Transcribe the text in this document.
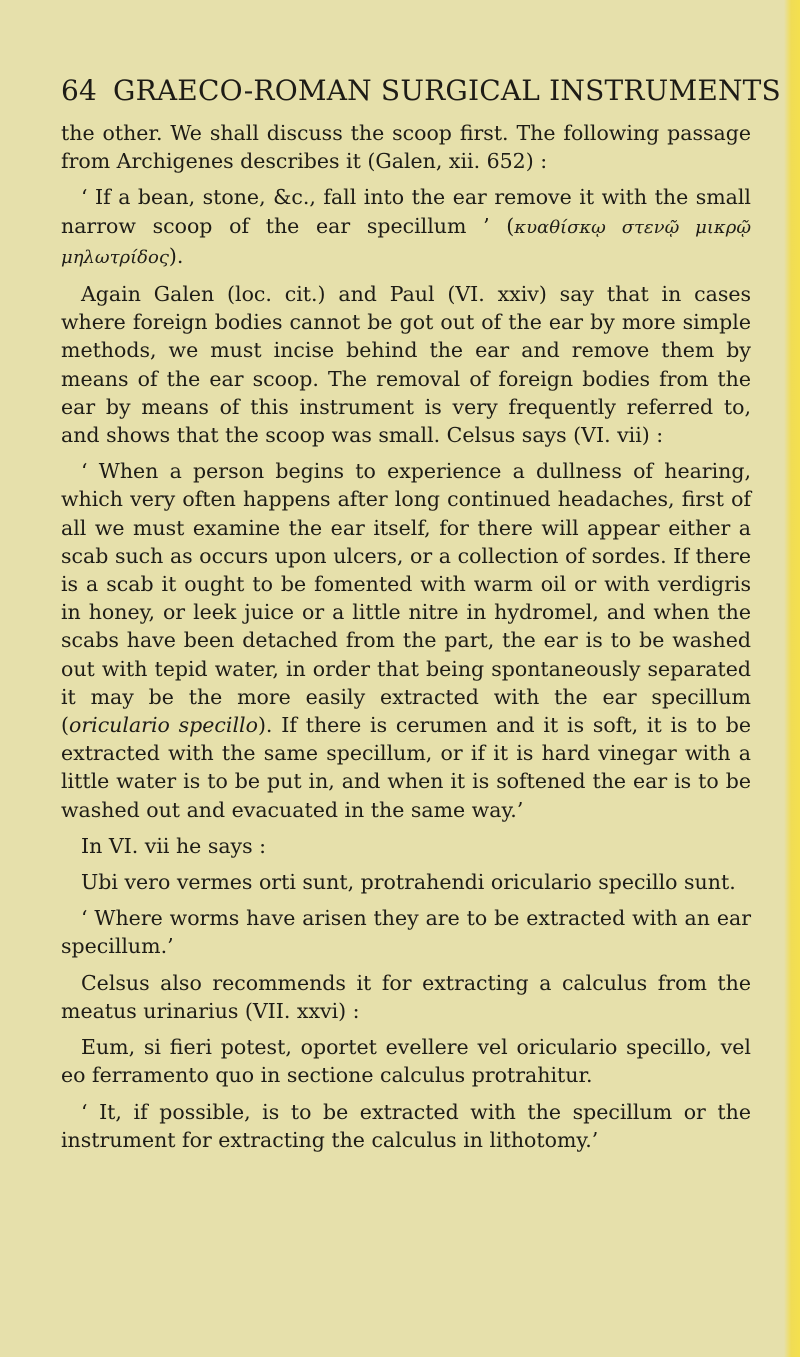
64 GRAECO-ROMAN SURGICAL INSTRUMENTS

the other. We shall discuss the scoop first. The following passage from Archigenes describes it (Galen, xii. 652) :

‘ If a bean, stone, &c., fall into the ear remove it with the small narrow scoop of the ear specillum ’ (κυαθίσκῳ στενῷ μικρῷ μηλωτρίδος).

Again Galen (loc. cit.) and Paul (VI. xxiv) say that in cases where foreign bodies cannot be got out of the ear by more simple methods, we must incise behind the ear and remove them by means of the ear scoop. The removal of foreign bodies from the ear by means of this instrument is very frequently referred to, and shows that the scoop was small. Celsus says (VI. vii) :

‘ When a person begins to experience a dullness of hearing, which very often happens after long continued headaches, first of all we must examine the ear itself, for there will appear either a scab such as occurs upon ulcers, or a collection of sordes. If there is a scab it ought to be fomented with warm oil or with verdigris in honey, or leek juice or a little nitre in hydromel, and when the scabs have been detached from the part, the ear is to be washed out with tepid water, in order that being spontaneously separated it may be the more easily extracted with the ear specillum (oriculario specillo). If there is cerumen and it is soft, it is to be extracted with the same specillum, or if it is hard vinegar with a little water is to be put in, and when it is softened the ear is to be washed out and evacuated in the same way.’

In VI. vii he says :

Ubi vero vermes orti sunt, protrahendi oriculario specillo sunt.

‘ Where worms have arisen they are to be extracted with an ear specillum.’

Celsus also recommends it for extracting a calculus from the meatus urinarius (VII. xxvi) :

Eum, si fieri potest, oportet evellere vel oriculario specillo, vel eo ferramento quo in sectione calculus protrahitur.

‘ It, if possible, is to be extracted with the specillum or the instrument for extracting the calculus in lithotomy.’
